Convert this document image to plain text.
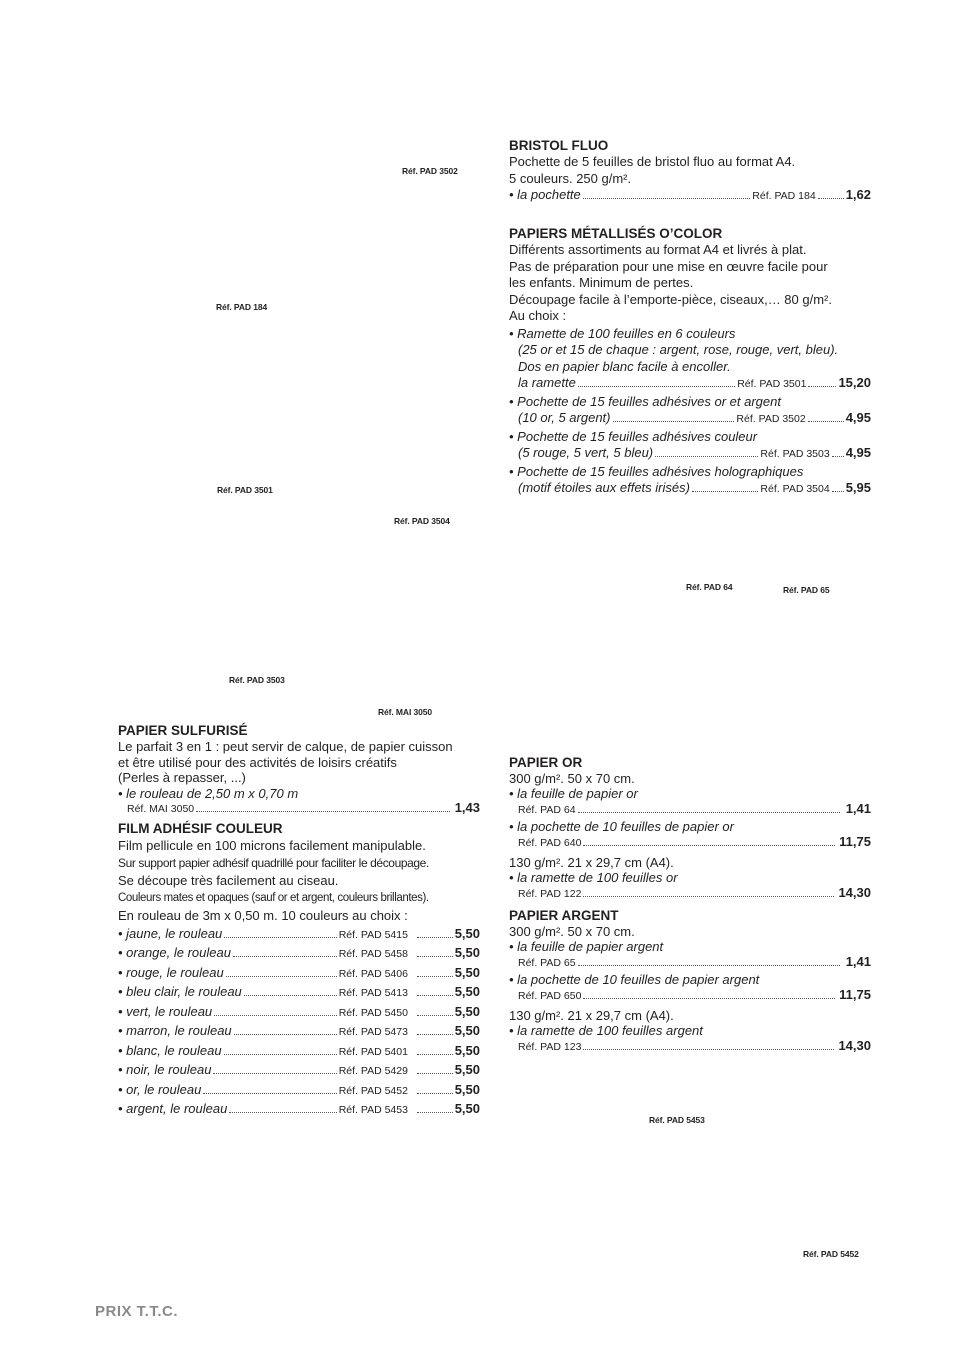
Réf. PAD 3502
Réf. PAD 184
Réf. PAD 3501
Réf. PAD 3504
Réf. PAD 64	Réf. PAD 65
Réf. PAD 3503
Réf. MAI 3050
Réf. PAD 5453
Réf. PAD 5452

BRISTOL FLUO

Pochette de 5 feuilles de bristol fluo au format A4.

5 couleurs. 250 g/m².

• la pochette	Réf. PAD 184 1,62

PAPIERS MÉTALLISÉS O’COLOR

Différents assortiments au format A4 et livrés à plat.

Pas de préparation pour une mise en œuvre facile pour

les enfants. Minimum de pertes.

Découpage facile à l’emporte-pièce, ciseaux,… 80 g/m².

Au choix :

• Ramette de 100 feuilles en 6 couleurs

(25 or et 15 de chaque : argent, rose, rouge, vert, bleu).

Dos en papier blanc facile à encoller.

la ramette	Réf. PAD 3501 15,20

• Pochette de 15 feuilles adhésives or et argent

(10 or, 5 argent)	Réf. PAD 3502	4,95

• Pochette de 15 feuilles adhésives couleur

(5 rouge, 5 vert, 5 bleu)	Réf. PAD 3503 4,95

• Pochette de 15 feuilles adhésives holographiques

(motif étoiles aux effets irisés)	Réf. PAD 3504 5,95

PAPIER SULFURISÉ

Le parfait 3 en 1 : peut servir de calque, de papier cuisson

et être utilisé pour des activités de loisirs créatifs

(Perles à repasser, ...)

• le rouleau de 2,50 m x 0,70 m

Réf. MAI 3050	1,43

FILM ADHÉSIF COULEUR

Film pellicule en 100 microns facilement manipulable.

Sur support papier adhésif quadrillé pour faciliter le découpage.

Se découpe très facilement au ciseau.

Couleurs mates et opaques (sauf or et argent, couleurs brillantes).

En rouleau de 3m x 0,50 m. 10 couleurs au choix :

• jaune, le rouleau	Réf. PAD 5415	5,50
• orange, le rouleau	Réf. PAD 5458	5,50
• rouge, le rouleau	Réf. PAD 5406	5,50
• bleu clair, le rouleau	Réf. PAD 5413	5,50
• vert, le rouleau	Réf. PAD 5450	5,50
• marron, le rouleau	Réf. PAD 5473	5,50
• blanc, le rouleau	Réf. PAD 5401	5,50
• noir, le rouleau	Réf. PAD 5429	5,50
• or, le rouleau	Réf. PAD 5452	5,50
• argent, le rouleau	Réf. PAD 5453	5,50

PAPIER OR

300 g/m². 50 x 70 cm.

• la feuille de papier or

Réf. PAD 64	1,41

• la pochette de 10 feuilles de papier or

Réf. PAD 640	11,75

130 g/m². 21 x 29,7 cm (A4).

• la ramette de 100 feuilles or

Réf. PAD 122	14,30

PAPIER ARGENT

300 g/m². 50 x 70 cm.

• la feuille de papier argent

Réf. PAD 65	1,41

• la pochette de 10 feuilles de papier argent

Réf. PAD 650	11,75

130 g/m². 21 x 29,7 cm (A4).

• la ramette de 100 feuilles argent

Réf. PAD 123	14,30
PRIX T.T.C.
